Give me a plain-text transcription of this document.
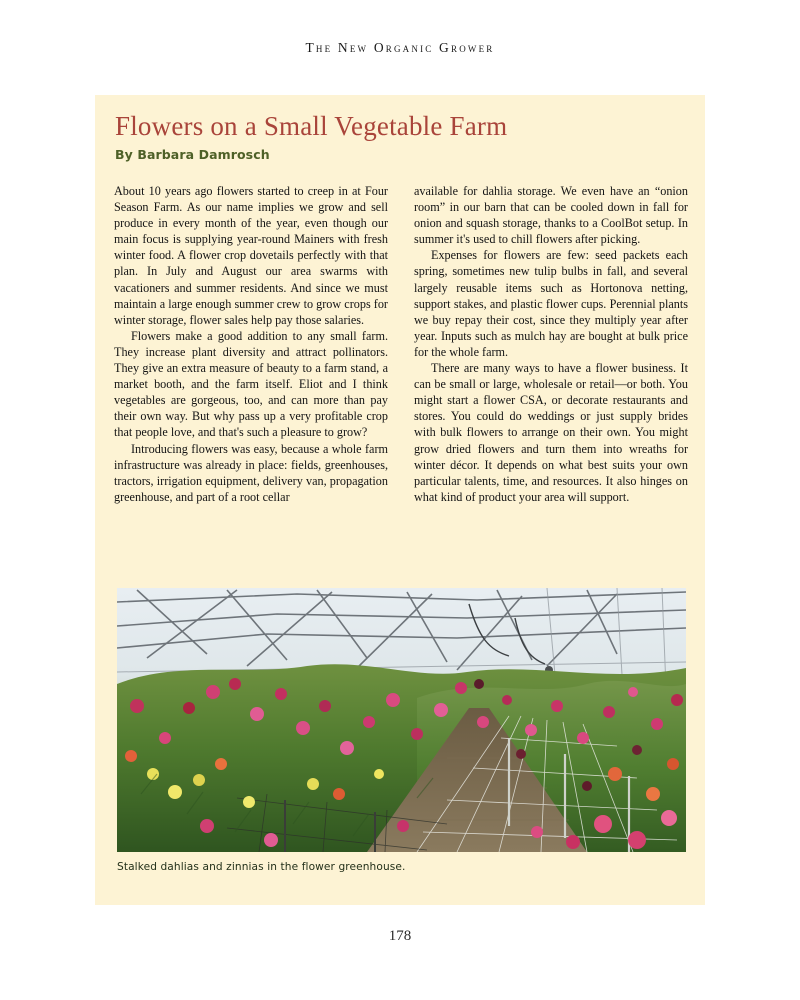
The New Organic Grower
Flowers on a Small Vegetable Farm
By Barbara Damrosch

About 10 years ago flowers started to creep in at Four Season Farm. As our name implies we grow and sell produce in every month of the year, even though our main focus is supplying year-round Mainers with fresh winter food. A flower crop dovetails perfectly with that plan. In July and August our area swarms with vacationers and summer residents. And since we must maintain a large enough summer crew to grow crops for winter storage, flower sales help pay those salaries.

Flowers make a good addition to any small farm. They increase plant diversity and attract pollinators. They give an extra measure of beauty to a farm stand, a market booth, and the farm itself. Eliot and I think vegetables are gorgeous, too, and can more than pay their own way. But why pass up a very profitable crop that people love, and that's such a pleasure to grow?

Introducing flowers was easy, because a whole farm infrastructure was already in place: fields, greenhouses, tractors, irrigation equipment, delivery van, propagation greenhouse, and part of a root cellar

available for dahlia storage. We even have an “onion room” in our barn that can be cooled down in fall for onion and squash storage, thanks to a CoolBot setup. In summer it's used to chill flowers after picking.

Expenses for flowers are few: seed packets each spring, sometimes new tulip bulbs in fall, and several largely reusable items such as Hortonova netting, support stakes, and plastic flower cups. Perennial plants we buy repay their cost, since they multiply year after year. Inputs such as mulch hay are bought at bulk price for the whole farm.

There are many ways to have a flower business. It can be small or large, wholesale or retail—or both. You might start a flower CSA, or decorate restaurants and stores. You could do weddings or just supply brides with bulk flowers to arrange on their own. You might grow dried flowers and turn them into wreaths for winter décor. It depends on what best suits your own particular talents, time, and resources. It also hinges on what kind of product your area will support.

Stalked dahlias and zinnias in the flower greenhouse.
178
